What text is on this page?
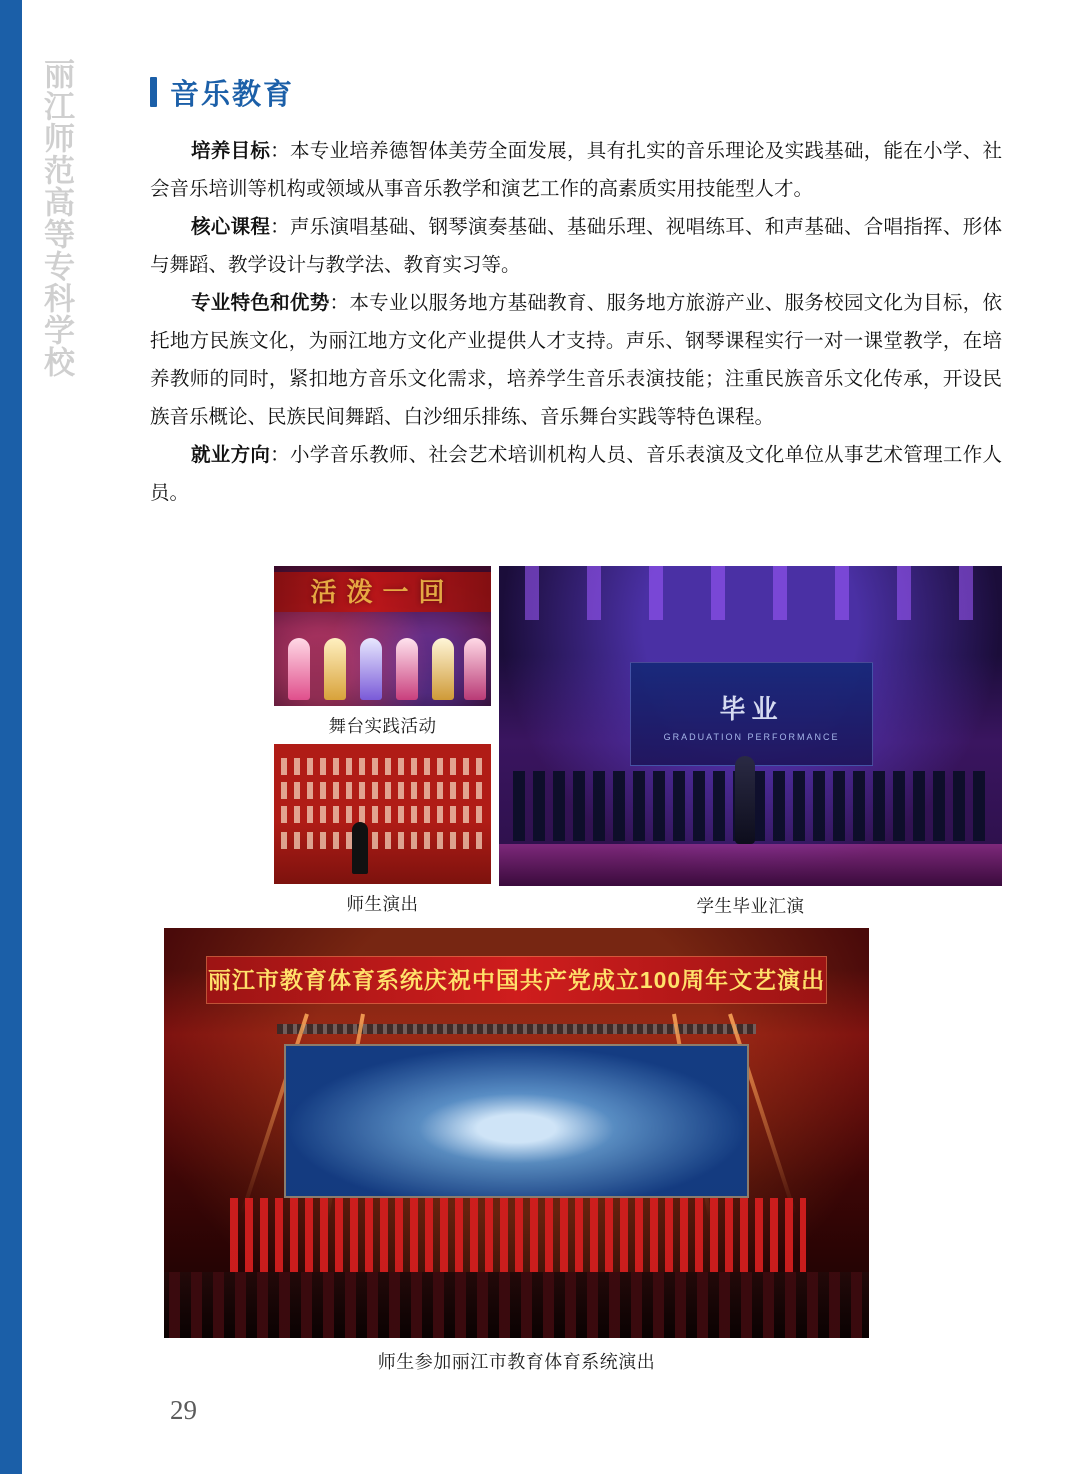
丽江师范高等专科学校	音乐教育

培养目标：本专业培养德智体美劳全面发展，具有扎实的音乐理论及实践基础，能在小学、社会音乐培训等机构或领域从事音乐教学和演艺工作的高素质实用技能型人才。

核心课程：声乐演唱基础、钢琴演奏基础、基础乐理、视唱练耳、和声基础、合唱指挥、形体与舞蹈、教学设计与教学法、教育实习等。

专业特色和优势：本专业以服务地方基础教育、服务地方旅游产业、服务校园文化为目标，依托地方民族文化，为丽江地方文化产业提供人才支持。声乐、钢琴课程实行一对一课堂教学，在培养教师的同时，紧扣地方音乐文化需求，培养学生音乐表演技能；注重民族音乐文化传承，开设民族音乐概论、民族民间舞蹈、白沙细乐排练、音乐舞台实践等特色课程。

就业方向：小学音乐教师、社会艺术培训机构人员、音乐表演及文化单位从事艺术管理工作人员。

活泼一回
舞台实践活动
师生演出
毕业
GRADUATION PERFORMANCE
学生毕业汇演
丽江市教育体育系统庆祝中国共产党成立100周年文艺演出
师生参加丽江市教育体育系统演出
29
